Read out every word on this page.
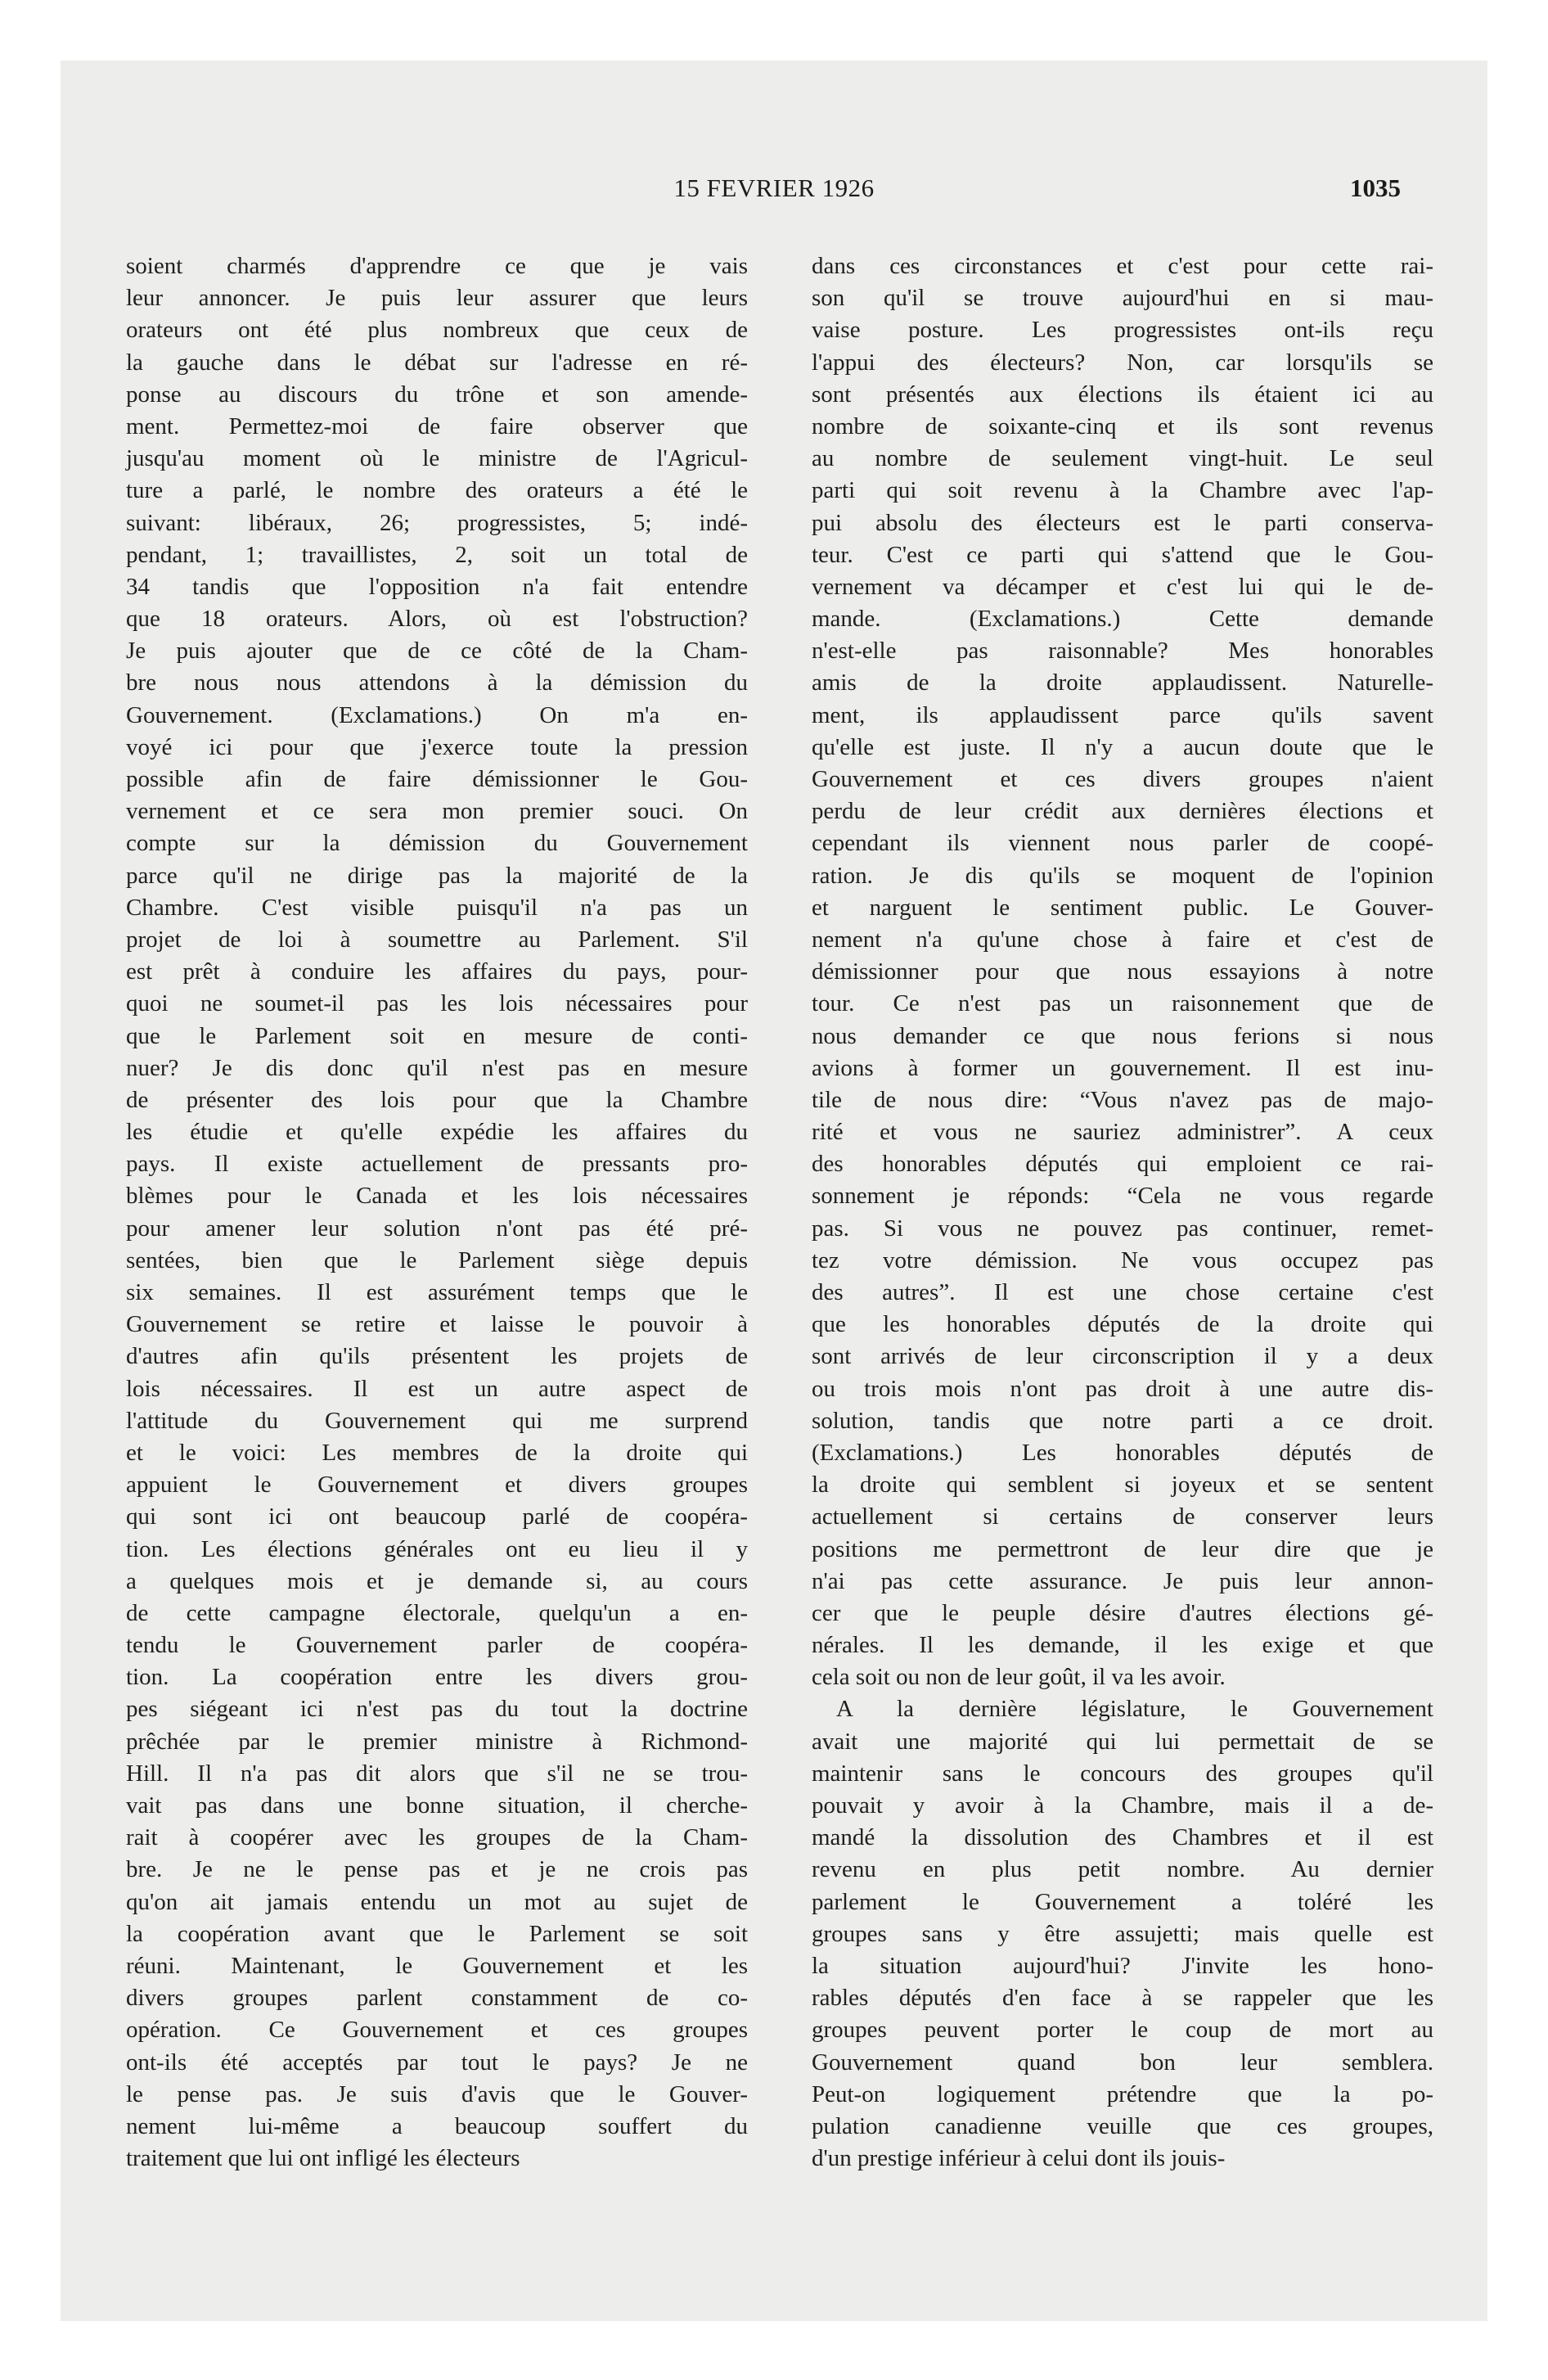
15 FEVRIER 1926	1035
soient charmés d'apprendre ce que je vais
leur annoncer. Je puis leur assurer que leurs
orateurs ont été plus nombreux que ceux de
la gauche dans le débat sur l'adresse en ré-
ponse au discours du trône et son amende-
ment. Permettez-moi de faire observer que
jusqu'au moment où le ministre de l'Agricul-
ture a parlé, le nombre des orateurs a été le
suivant: libéraux, 26; progressistes, 5; indé-
pendant, 1; travaillistes, 2, soit un total de
34 tandis que l'opposition n'a fait entendre
que 18 orateurs. Alors, où est l'obstruction?
Je puis ajouter que de ce côté de la Cham-
bre nous nous attendons à la démission du
Gouvernement. (Exclamations.) On m'a en-
voyé ici pour que j'exerce toute la pression
possible afin de faire démissionner le Gou-
vernement et ce sera mon premier souci. On
compte sur la démission du Gouvernement
parce qu'il ne dirige pas la majorité de la
Chambre. C'est visible puisqu'il n'a pas un
projet de loi à soumettre au Parlement. S'il
est prêt à conduire les affaires du pays, pour-
quoi ne soumet-il pas les lois nécessaires pour
que le Parlement soit en mesure de conti-
nuer? Je dis donc qu'il n'est pas en mesure
de présenter des lois pour que la Chambre
les étudie et qu'elle expédie les affaires du
pays. Il existe actuellement de pressants pro-
blèmes pour le Canada et les lois nécessaires
pour amener leur solution n'ont pas été pré-
sentées, bien que le Parlement siège depuis
six semaines. Il est assurément temps que le
Gouvernement se retire et laisse le pouvoir à
d'autres afin qu'ils présentent les projets de
lois nécessaires. Il est un autre aspect de
l'attitude du Gouvernement qui me surprend
et le voici: Les membres de la droite qui
appuient le Gouvernement et divers groupes
qui sont ici ont beaucoup parlé de coopéra-
tion. Les élections générales ont eu lieu il y
a quelques mois et je demande si, au cours
de cette campagne électorale, quelqu'un a en-
tendu le Gouvernement parler de coopéra-
tion. La coopération entre les divers grou-
pes siégeant ici n'est pas du tout la doctrine
prêchée par le premier ministre à Richmond-
Hill. Il n'a pas dit alors que s'il ne se trou-
vait pas dans une bonne situation, il cherche-
rait à coopérer avec les groupes de la Cham-
bre. Je ne le pense pas et je ne crois pas
qu'on ait jamais entendu un mot au sujet de
la coopération avant que le Parlement se soit
réuni. Maintenant, le Gouvernement et les
divers groupes parlent constamment de co-
opération. Ce Gouvernement et ces groupes
ont-ils été acceptés par tout le pays? Je ne
le pense pas. Je suis d'avis que le Gouver-
nement lui-même a beaucoup souffert du
traitement que lui ont infligé les électeurs
dans ces circonstances et c'est pour cette rai-
son qu'il se trouve aujourd'hui en si mau-
vaise posture. Les progressistes ont-ils reçu
l'appui des électeurs? Non, car lorsqu'ils se
sont présentés aux élections ils étaient ici au
nombre de soixante-cinq et ils sont revenus
au nombre de seulement vingt-huit. Le seul
parti qui soit revenu à la Chambre avec l'ap-
pui absolu des électeurs est le parti conserva-
teur. C'est ce parti qui s'attend que le Gou-
vernement va décamper et c'est lui qui le de-
mande. (Exclamations.) Cette demande
n'est-elle pas raisonnable? Mes honorables
amis de la droite applaudissent. Naturelle-
ment, ils applaudissent parce qu'ils savent
qu'elle est juste. Il n'y a aucun doute que le
Gouvernement et ces divers groupes n'aient
perdu de leur crédit aux dernières élections et
cependant ils viennent nous parler de coopé-
ration. Je dis qu'ils se moquent de l'opinion
et narguent le sentiment public. Le Gouver-
nement n'a qu'une chose à faire et c'est de
démissionner pour que nous essayions à notre
tour. Ce n'est pas un raisonnement que de
nous demander ce que nous ferions si nous
avions à former un gouvernement. Il est inu-
tile de nous dire: “Vous n'avez pas de majo-
rité et vous ne sauriez administrer”. A ceux
des honorables députés qui emploient ce rai-
sonnement je réponds: “Cela ne vous regarde
pas. Si vous ne pouvez pas continuer, remet-
tez votre démission. Ne vous occupez pas
des autres”. Il est une chose certaine c'est
que les honorables députés de la droite qui
sont arrivés de leur circonscription il y a deux
ou trois mois n'ont pas droit à une autre dis-
solution, tandis que notre parti a ce droit.
(Exclamations.) Les honorables députés de
la droite qui semblent si joyeux et se sentent
actuellement si certains de conserver leurs
positions me permettront de leur dire que je
n'ai pas cette assurance. Je puis leur annon-
cer que le peuple désire d'autres élections gé-
nérales. Il les demande, il les exige et que
cela soit ou non de leur goût, il va les avoir.
A la dernière législature, le Gouvernement
avait une majorité qui lui permettait de se
maintenir sans le concours des groupes qu'il
pouvait y avoir à la Chambre, mais il a de-
mandé la dissolution des Chambres et il est
revenu en plus petit nombre. Au dernier
parlement le Gouvernement a toléré les
groupes sans y être assujetti; mais quelle est
la situation aujourd'hui? J'invite les hono-
rables députés d'en face à se rappeler que les
groupes peuvent porter le coup de mort au
Gouvernement quand bon leur semblera.
Peut-on logiquement prétendre que la po-
pulation canadienne veuille que ces groupes,
d'un prestige inférieur à celui dont ils jouis-
